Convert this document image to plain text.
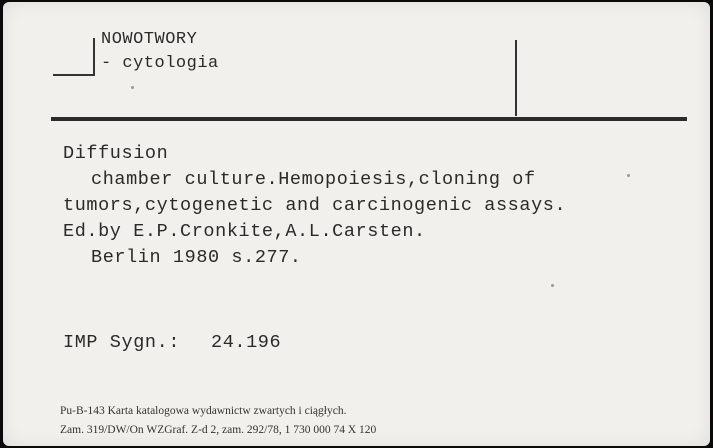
NOWOTWORY
- cytologia
Diffusion
chamber culture.Hemopoiesis,cloning of
tumors,cytogenetic and carcinogenic assays.
Ed.by E.P.Cronkite,A.L.Carsten.
Berlin 1980 s.277.
IMP Sygn.: 24.196
Pu-B-143 Karta katalogowa wydawnictw zwartych i ciągłych.
Zam. 319/DW/On WZGraf. Z-d 2, zam. 292/78, 1 730 000 74 X 120
